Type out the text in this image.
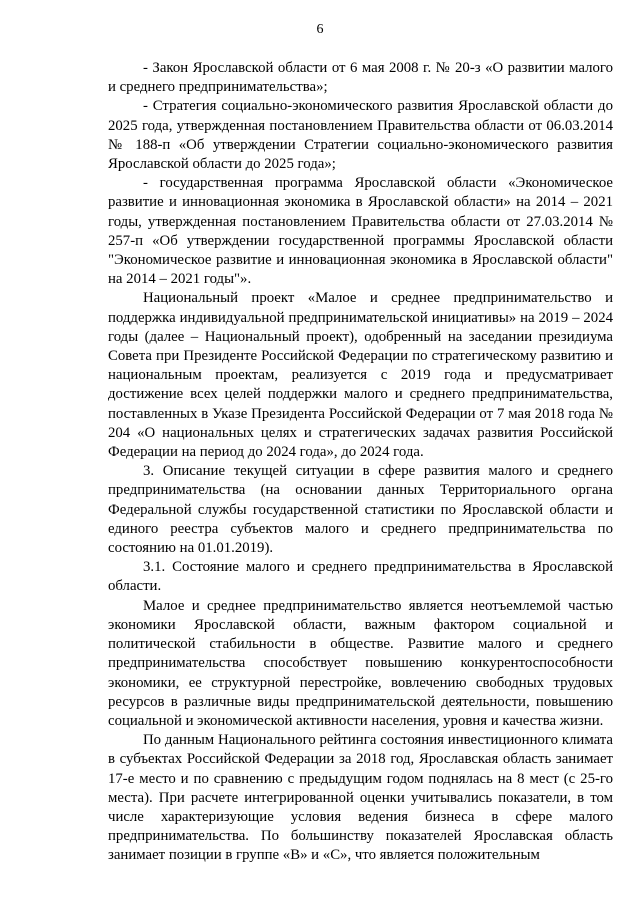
6

- Закон Ярославской области от 6 мая 2008 г. № 20-з «О развитии малого и среднего предпринимательства»;

- Стратегия социально-экономического развития Ярославской области до 2025 года, утвержденная постановлением Правительства области от 06.03.2014 № 188-п «Об утверждении Стратегии социально-экономического развития Ярославской области до 2025 года»;

- государственная программа Ярославской области «Экономическое развитие и инновационная экономика в Ярославской области» на 2014 – 2021 годы, утвержденная постановлением Правительства области от 27.03.2014 № 257-п «Об утверждении государственной программы Ярославской области "Экономическое развитие и инновационная экономика в Ярославской области" на 2014 – 2021 годы"».

Национальный проект «Малое и среднее предпринимательство и поддержка индивидуальной предпринимательской инициативы» на 2019 – 2024 годы (далее – Национальный проект), одобренный на заседании президиума Совета при Президенте Российской Федерации по стратегическому развитию и национальным проектам, реализуется с 2019 года и предусматривает достижение всех целей поддержки малого и среднего предпринимательства, поставленных в Указе Президента Российской Федерации от 7 мая 2018 года № 204 «О национальных целях и стратегических задачах развития Российской Федерации на период до 2024 года», до 2024 года.

3. Описание текущей ситуации в сфере развития малого и среднего предпринимательства (на основании данных Территориального органа Федеральной службы государственной статистики по Ярославской области и единого реестра субъектов малого и среднего предпринимательства по состоянию на 01.01.2019).

3.1. Состояние малого и среднего предпринимательства в Ярославской области.

Малое и среднее предпринимательство является неотъемлемой частью экономики Ярославской области, важным фактором социальной и политической стабильности в обществе. Развитие малого и среднего предпринимательства способствует повышению конкурентоспособности экономики, ее структурной перестройке, вовлечению свободных трудовых ресурсов в различные виды предпринимательской деятельности, повышению социальной и экономической активности населения, уровня и качества жизни.

По данным Национального рейтинга состояния инвестиционного климата в субъектах Российской Федерации за 2018 год, Ярославская область занимает 17-е место и по сравнению с предыдущим годом поднялась на 8 мест (с 25-го места). При расчете интегрированной оценки учитывались показатели, в том числе характеризующие условия ведения бизнеса в сфере малого предпринимательства. По большинству показателей Ярославская область занимает позиции в группе «B» и «C», что является положительным
